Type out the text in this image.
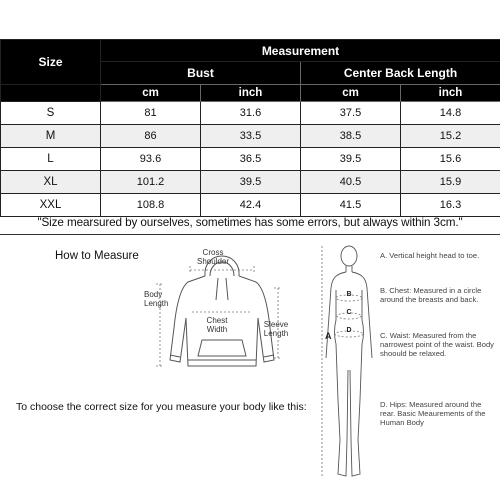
Size	Measurement			
	Bust		Center Back Length	
	cm	inch	cm	inch
S	81	31.6	37.5	14.8
M	86	33.5	38.5	15.2
L	93.6	36.5	39.5	15.6
XL	101.2	39.5	40.5	15.9
XXL	108.8	42.4	41.5	16.3
"Size mearsured by ourselves, sometimes has some errors, but always within 3cm."
How to Measure	Cross Shoulder
Body Length
Chest Width
Sleeve Length
To choose the correct size for you measure your body like this:
B
C
D
A
A. Vertical height head to toe.
B. Chest: Measured in a circle around the breasts and back.
C. Waist: Measured from the narrowest point of the waist. Body shoould be relaxed.
D. Hips: Measured around the rear. Basic Meaurements of the Human Body
